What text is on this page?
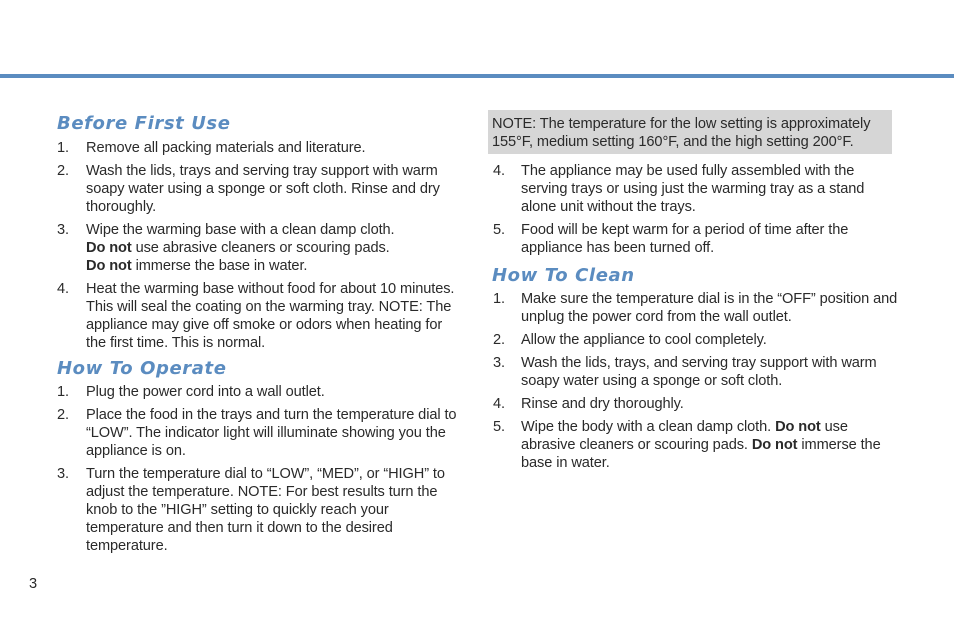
Before First Use
1. Remove all packing materials and literature.
2. Wash the lids, trays and serving tray support with warm soapy water using a sponge or soft cloth. Rinse and dry thoroughly.
3. Wipe the warming base with a clean damp cloth.
Do not use abrasive cleaners or scouring pads.
Do not immerse the base in water.
4. Heat the warming base without food for about 10 minutes. This will seal the coating on the warming tray. NOTE: The appliance may give off smoke or odors when heating for the first time. This is normal.
How To Operate
1. Plug the power cord into a wall outlet.
2. Place the food in the trays and turn the temperature dial to “LOW”. The indicator light will illuminate showing you the appliance is on.
3. Turn the temperature dial to “LOW”, “MED”, or “HIGH” to adjust the temperature. NOTE: For best results turn the knob to the ”HIGH” setting to quickly reach your temperature and then turn it down to the desired temperature.
NOTE: The temperature for the low setting is approximately
155°F, medium setting 160°F, and the high setting 200°F.
4. The appliance may be used fully assembled with the serving trays or using just the warming tray as a stand alone unit without the trays.
5. Food will be kept warm for a period of time after the appliance has been turned off.
How To Clean
1. Make sure the temperature dial is in the “OFF” position and unplug the power cord from the wall outlet.
2. Allow the appliance to cool completely.
3. Wash the lids, trays, and serving tray support with warm soapy water using a sponge or soft cloth.
4. Rinse and dry thoroughly.
5. Wipe the body with a clean damp cloth. Do not use abrasive cleaners or scouring pads. Do not immerse the base in water.
3
